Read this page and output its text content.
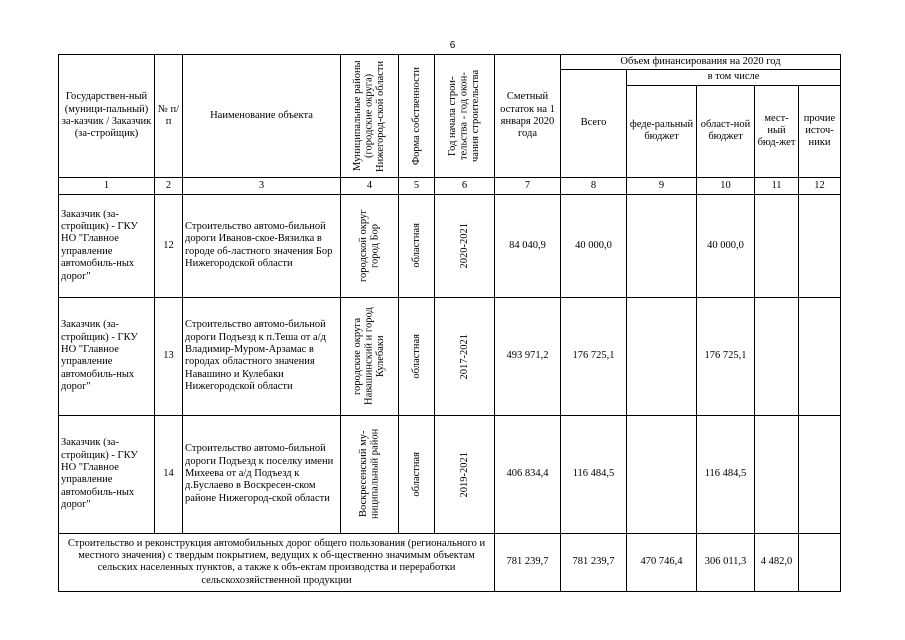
6
Государствен-ный (муници-пальный) за-казчик / Заказчик (за-стройщик)	№ п/п	Наименование объекта	Муниципальные районы (городские округа) Нижегород-ской области	Форма собственности	Год начала строи-тельства - год окон-чания строительства	Сметный остаток на 1 января 2020 года	Объем финансирования на 2020 год				
							Всего	в том числе			
								феде-ральный бюджет	област-ной бюджет	мест-ный бюд-жет	прочие источ-ники
1	2	3	4	5	6	7	8	9	10	11	12
Заказчик (за-стройщик) - ГКУ НО "Главное управление автомобиль-ных дорог"	12	Строительство автомо-бильной дороги Иванов-ское-Вязилка в городе об-ластного значения Бор Нижегородской области	городской округ город Бор	областная	2020-2021	84 040,9	40 000,0		40 000,0		
Заказчик (за-стройщик) - ГКУ НО "Главное управление автомобиль-ных дорог"	13	Строительство автомо-бильной дороги Подъезд к п.Теша от а/д Владимир-Муром-Арзамас в городах областного значения Навашино и Кулебаки Нижегородской области	городские округа Навашинский и город Кулебаки	областная	2017-2021	493 971,2	176 725,1		176 725,1		
Заказчик (за-стройщик) - ГКУ НО "Главное управление автомобиль-ных дорог"	14	Строительство автомо-бильной дороги Подъезд к поселку имени Михеева от а/д Подъезд к д.Буслаево в Воскресен-ском районе Нижегород-ской области	Воскресенский му-ниципальный район	областная	2019-2021	406 834,4	116 484,5		116 484,5		
Строительство и реконструкция автомобильных дорог общего пользования (регионального и местного значения) с твердым покрытием, ведущих к об-щественно значимым объектам сельских населенных пунктов, а также к объ-ектам производства и переработки сельскохозяйственной продукции						781 239,7	781 239,7	470 746,4	306 011,3	4 482,0	
